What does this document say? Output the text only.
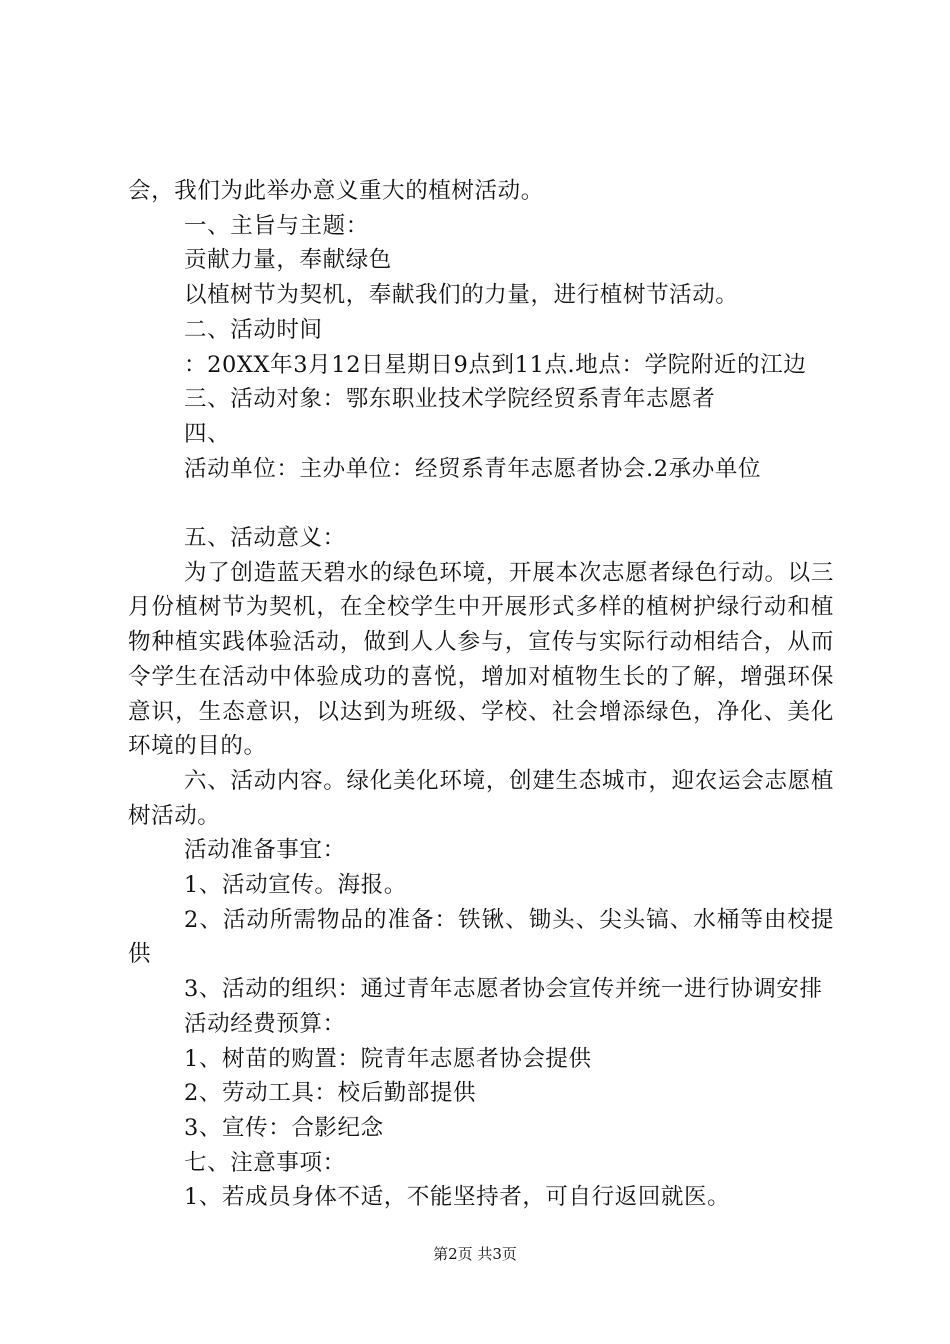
会，我们为此举办意义重大的植树活动。

一、主旨与主题：

贡献力量，奉献绿色

以植树节为契机，奉献我们的力量，进行植树节活动。

二、活动时间

：20XX年3月12日星期日9点到11点.地点：学院附近的江边

三、活动对象：鄂东职业技术学院经贸系青年志愿者

四、

活动单位：主办单位：经贸系青年志愿者协会.2承办单位

五、活动意义：

为了创造蓝天碧水的绿色环境，开展本次志愿者绿色行动。以三月份植树节为契机，在全校学生中开展形式多样的植树护绿行动和植物种植实践体验活动，做到人人参与，宣传与实际行动相结合，从而令学生在活动中体验成功的喜悦，增加对植物生长的了解，增强环保意识，生态意识，以达到为班级、学校、社会增添绿色，净化、美化环境的目的。

六、活动内容。绿化美化环境，创建生态城市，迎农运会志愿植树活动。

活动准备事宜：

1、活动宣传。海报。

2、活动所需物品的准备：铁锹、锄头、尖头镐、水桶等由校提供

3、活动的组织：通过青年志愿者协会宣传并统一进行协调安排

活动经费预算：

1、树苗的购置：院青年志愿者协会提供

2、劳动工具：校后勤部提供

3、宣传：合影纪念

七、注意事项：

1、若成员身体不适，不能坚持者，可自行返回就医。

第2页 共3页
